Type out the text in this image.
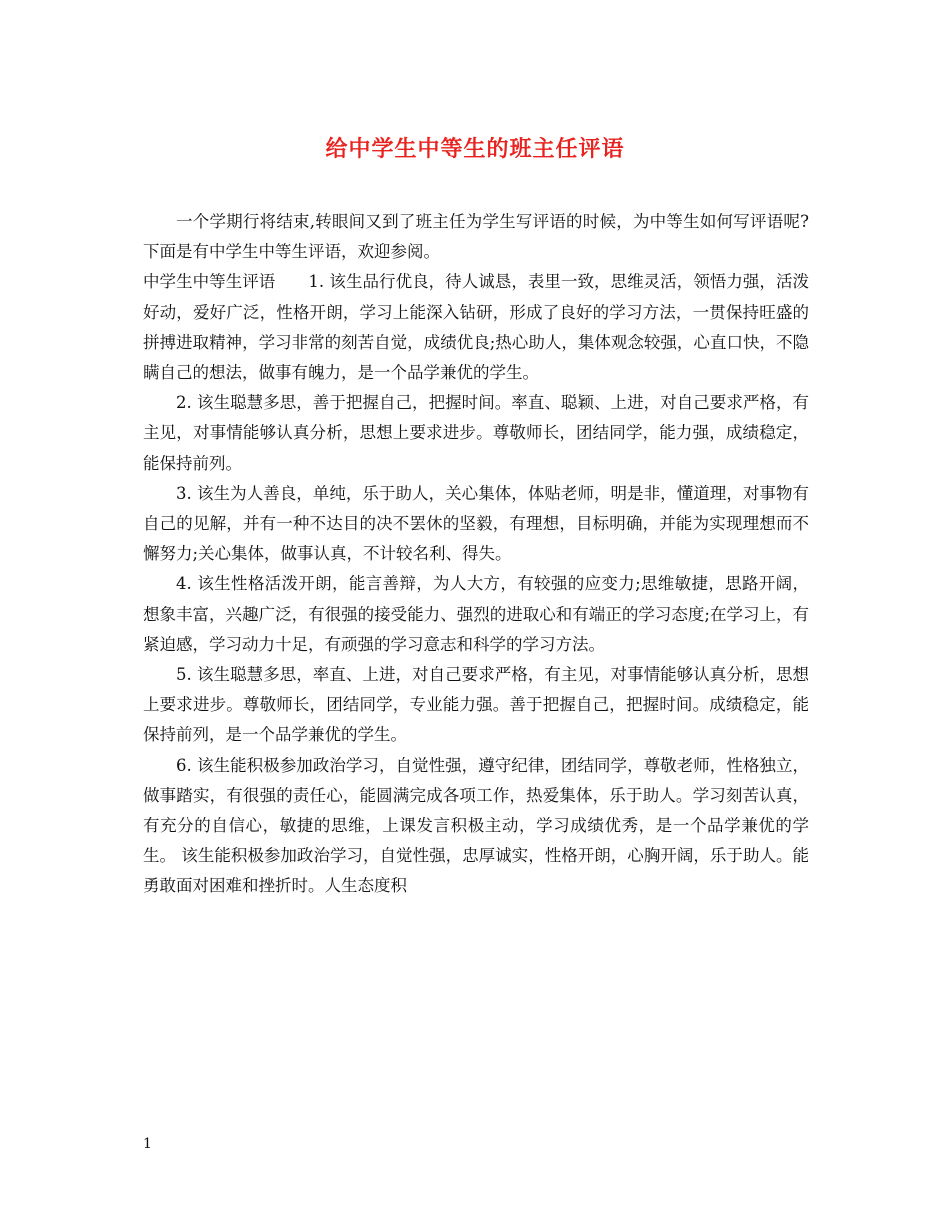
给中学生中等生的班主任评语

一个学期行将结束,转眼间又到了班主任为学生写评语的时候，为中等生如何写评语呢?下面是有中学生中等生评语，欢迎参阅。

中学生中等生评语　　1. 该生品行优良，待人诚恳，表里一致，思维灵活，领悟力强，活泼好动，爱好广泛，性格开朗，学习上能深入钻研，形成了良好的学习方法，一贯保持旺盛的拼搏进取精神，学习非常的刻苦自觉，成绩优良;热心助人，集体观念较强，心直口快，不隐瞒自己的想法，做事有魄力，是一个品学兼优的学生。

2. 该生聪慧多思，善于把握自己，把握时间。率直、聪颖、上进，对自己要求严格，有主见，对事情能够认真分析，思想上要求进步。尊敬师长，团结同学，能力强，成绩稳定，能保持前列。

3. 该生为人善良，单纯，乐于助人，关心集体，体贴老师，明是非，懂道理，对事物有自己的见解，并有一种不达目的决不罢休的坚毅，有理想，目标明确，并能为实现理想而不懈努力;关心集体，做事认真，不计较名利、得失。

4. 该生性格活泼开朗，能言善辩，为人大方，有较强的应变力;思维敏捷，思路开阔，想象丰富，兴趣广泛，有很强的接受能力、强烈的进取心和有端正的学习态度;在学习上，有紧迫感，学习动力十足，有顽强的学习意志和科学的学习方法。

5. 该生聪慧多思，率直、上进，对自己要求严格，有主见，对事情能够认真分析，思想上要求进步。尊敬师长，团结同学，专业能力强。善于把握自己，把握时间。成绩稳定，能保持前列，是一个品学兼优的学生。

6. 该生能积极参加政治学习，自觉性强，遵守纪律，团结同学，尊敬老师，性格独立，做事踏实，有很强的责任心，能圆满完成各项工作，热爱集体，乐于助人。学习刻苦认真，有充分的自信心，敏捷的思维，上课发言积极主动，学习成绩优秀，是一个品学兼优的学生。 该生能积极参加政治学习，自觉性强，忠厚诚实，性格开朗，心胸开阔，乐于助人。能勇敢面对困难和挫折时。人生态度积

1
